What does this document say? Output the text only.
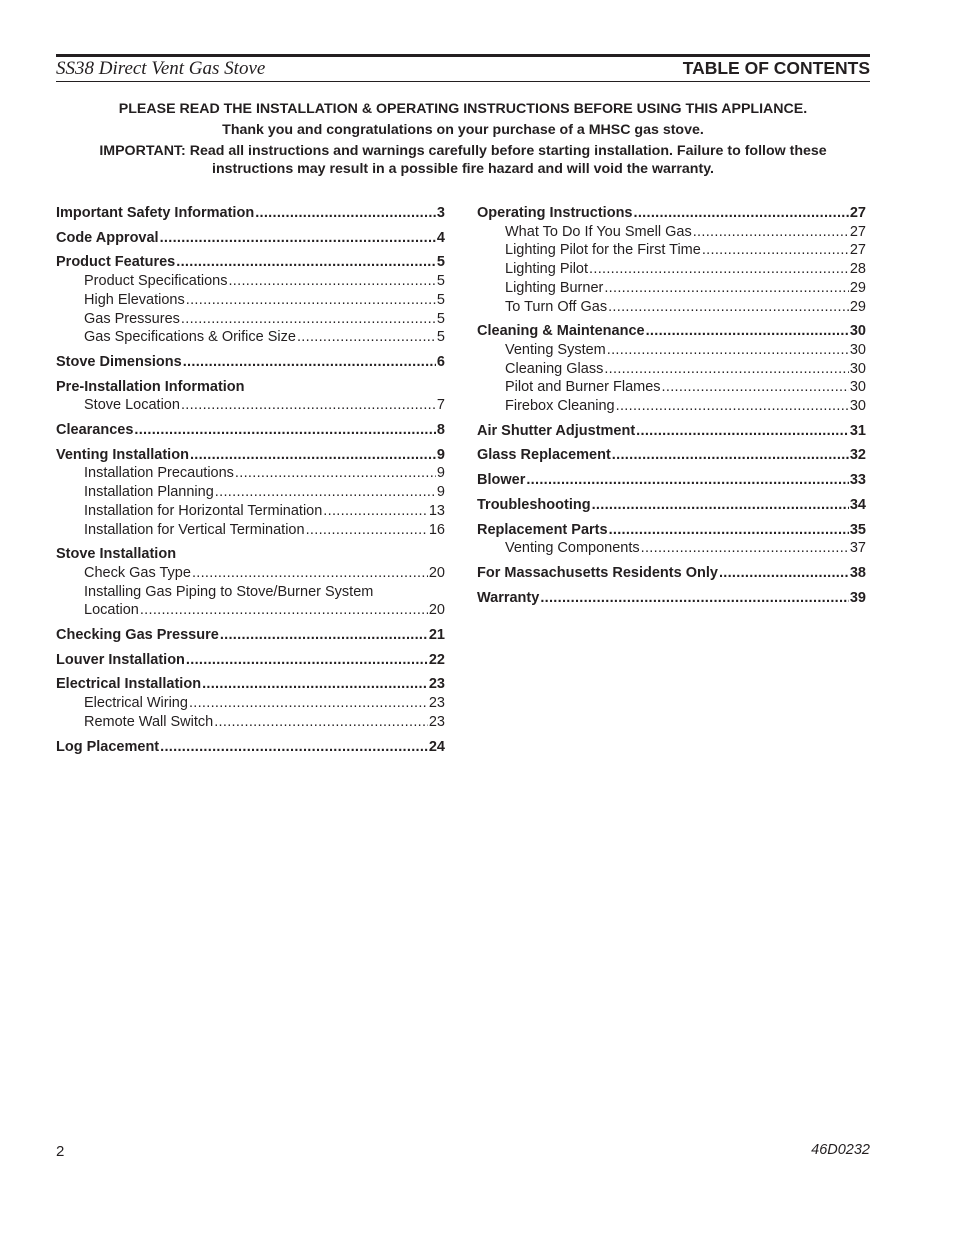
SS38 Direct Vent Gas Stove	TABLE OF CONTENTS
PLEASE READ THE INSTALLATION & OPERATING INSTRUCTIONS BEFORE USING THIS APPLIANCE.
Thank you and congratulations on your purchase of a MHSC gas stove.
IMPORTANT: Read all instructions and warnings carefully before starting installation. Failure to follow these
instructions may result in a possible fire hazard and will void the warranty.
Important Safety Information .....	3
Code Approval .....	4
Product Features .....	5
Product Specifications .....	5
High Elevations .....	5
Gas Pressures .....	5
Gas Specifications & Orifice Size .....	5
Stove Dimensions .....	6
Pre-Installation Information
Stove Location .....	7
Clearances .....	8
Venting Installation .....	9
Installation Precautions .....	9
Installation Planning .....	9
Installation for Horizontal Termination .....	13
Installation for Vertical Termination .....	16
Stove Installation
Check Gas Type .....	20
Installing Gas Piping to Stove/Burner System
Location .....	20
Checking Gas Pressure .....	21
Louver Installation .....	22
Electrical Installation .....	23
Electrical Wiring .....	23
Remote Wall Switch .....	23
Log Placement .....	24
Operating Instructions .....	27
What To Do If You Smell Gas .....	27
Lighting Pilot for the First Time .....	27
Lighting Pilot .....	28
Lighting Burner .....	29
To Turn Off Gas .....	29
Cleaning & Maintenance .....	30
Venting System .....	30
Cleaning Glass .....	30
Pilot and Burner Flames .....	30
Firebox Cleaning .....	30
Air Shutter Adjustment .....	31
Glass Replacement .....	32
Blower .....	33
Troubleshooting .....	34
Replacement Parts .....	35
Venting Components .....	37
For Massachusetts Residents Only .....	38
Warranty .....	39
2	46D0232
